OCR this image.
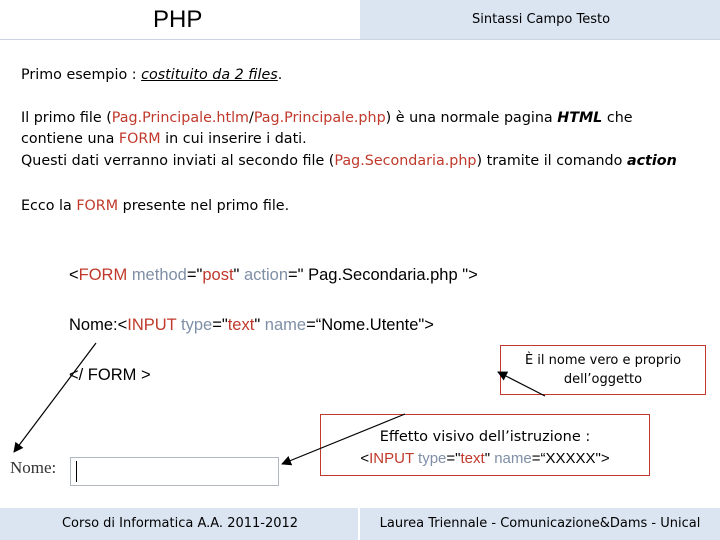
PHP	Sintassi Campo Testo
Primo esempio : costituito da 2 files.
Il primo file (Pag.Principale.htlm/Pag.Principale.php) è una normale pagina HTML che
contiene una FORM in cui inserire i dati.
Questi dati verranno inviati al secondo file (Pag.Secondaria.php) tramite il comando action
Ecco la FORM presente nel primo file.
<FORM method="post" action=" Pag.Secondaria.php ">
Nome:<INPUT type="text" name=“Nome.Utente">
</ FORM >
È il nome vero e proprio
dell’oggetto
Effetto visivo dell’istruzione :
<INPUT type="text" name=“XXXXX">
Nome:
Corso di Informatica A.A. 2011-2012	Laurea Triennale - Comunicazione&Dams - Unical
